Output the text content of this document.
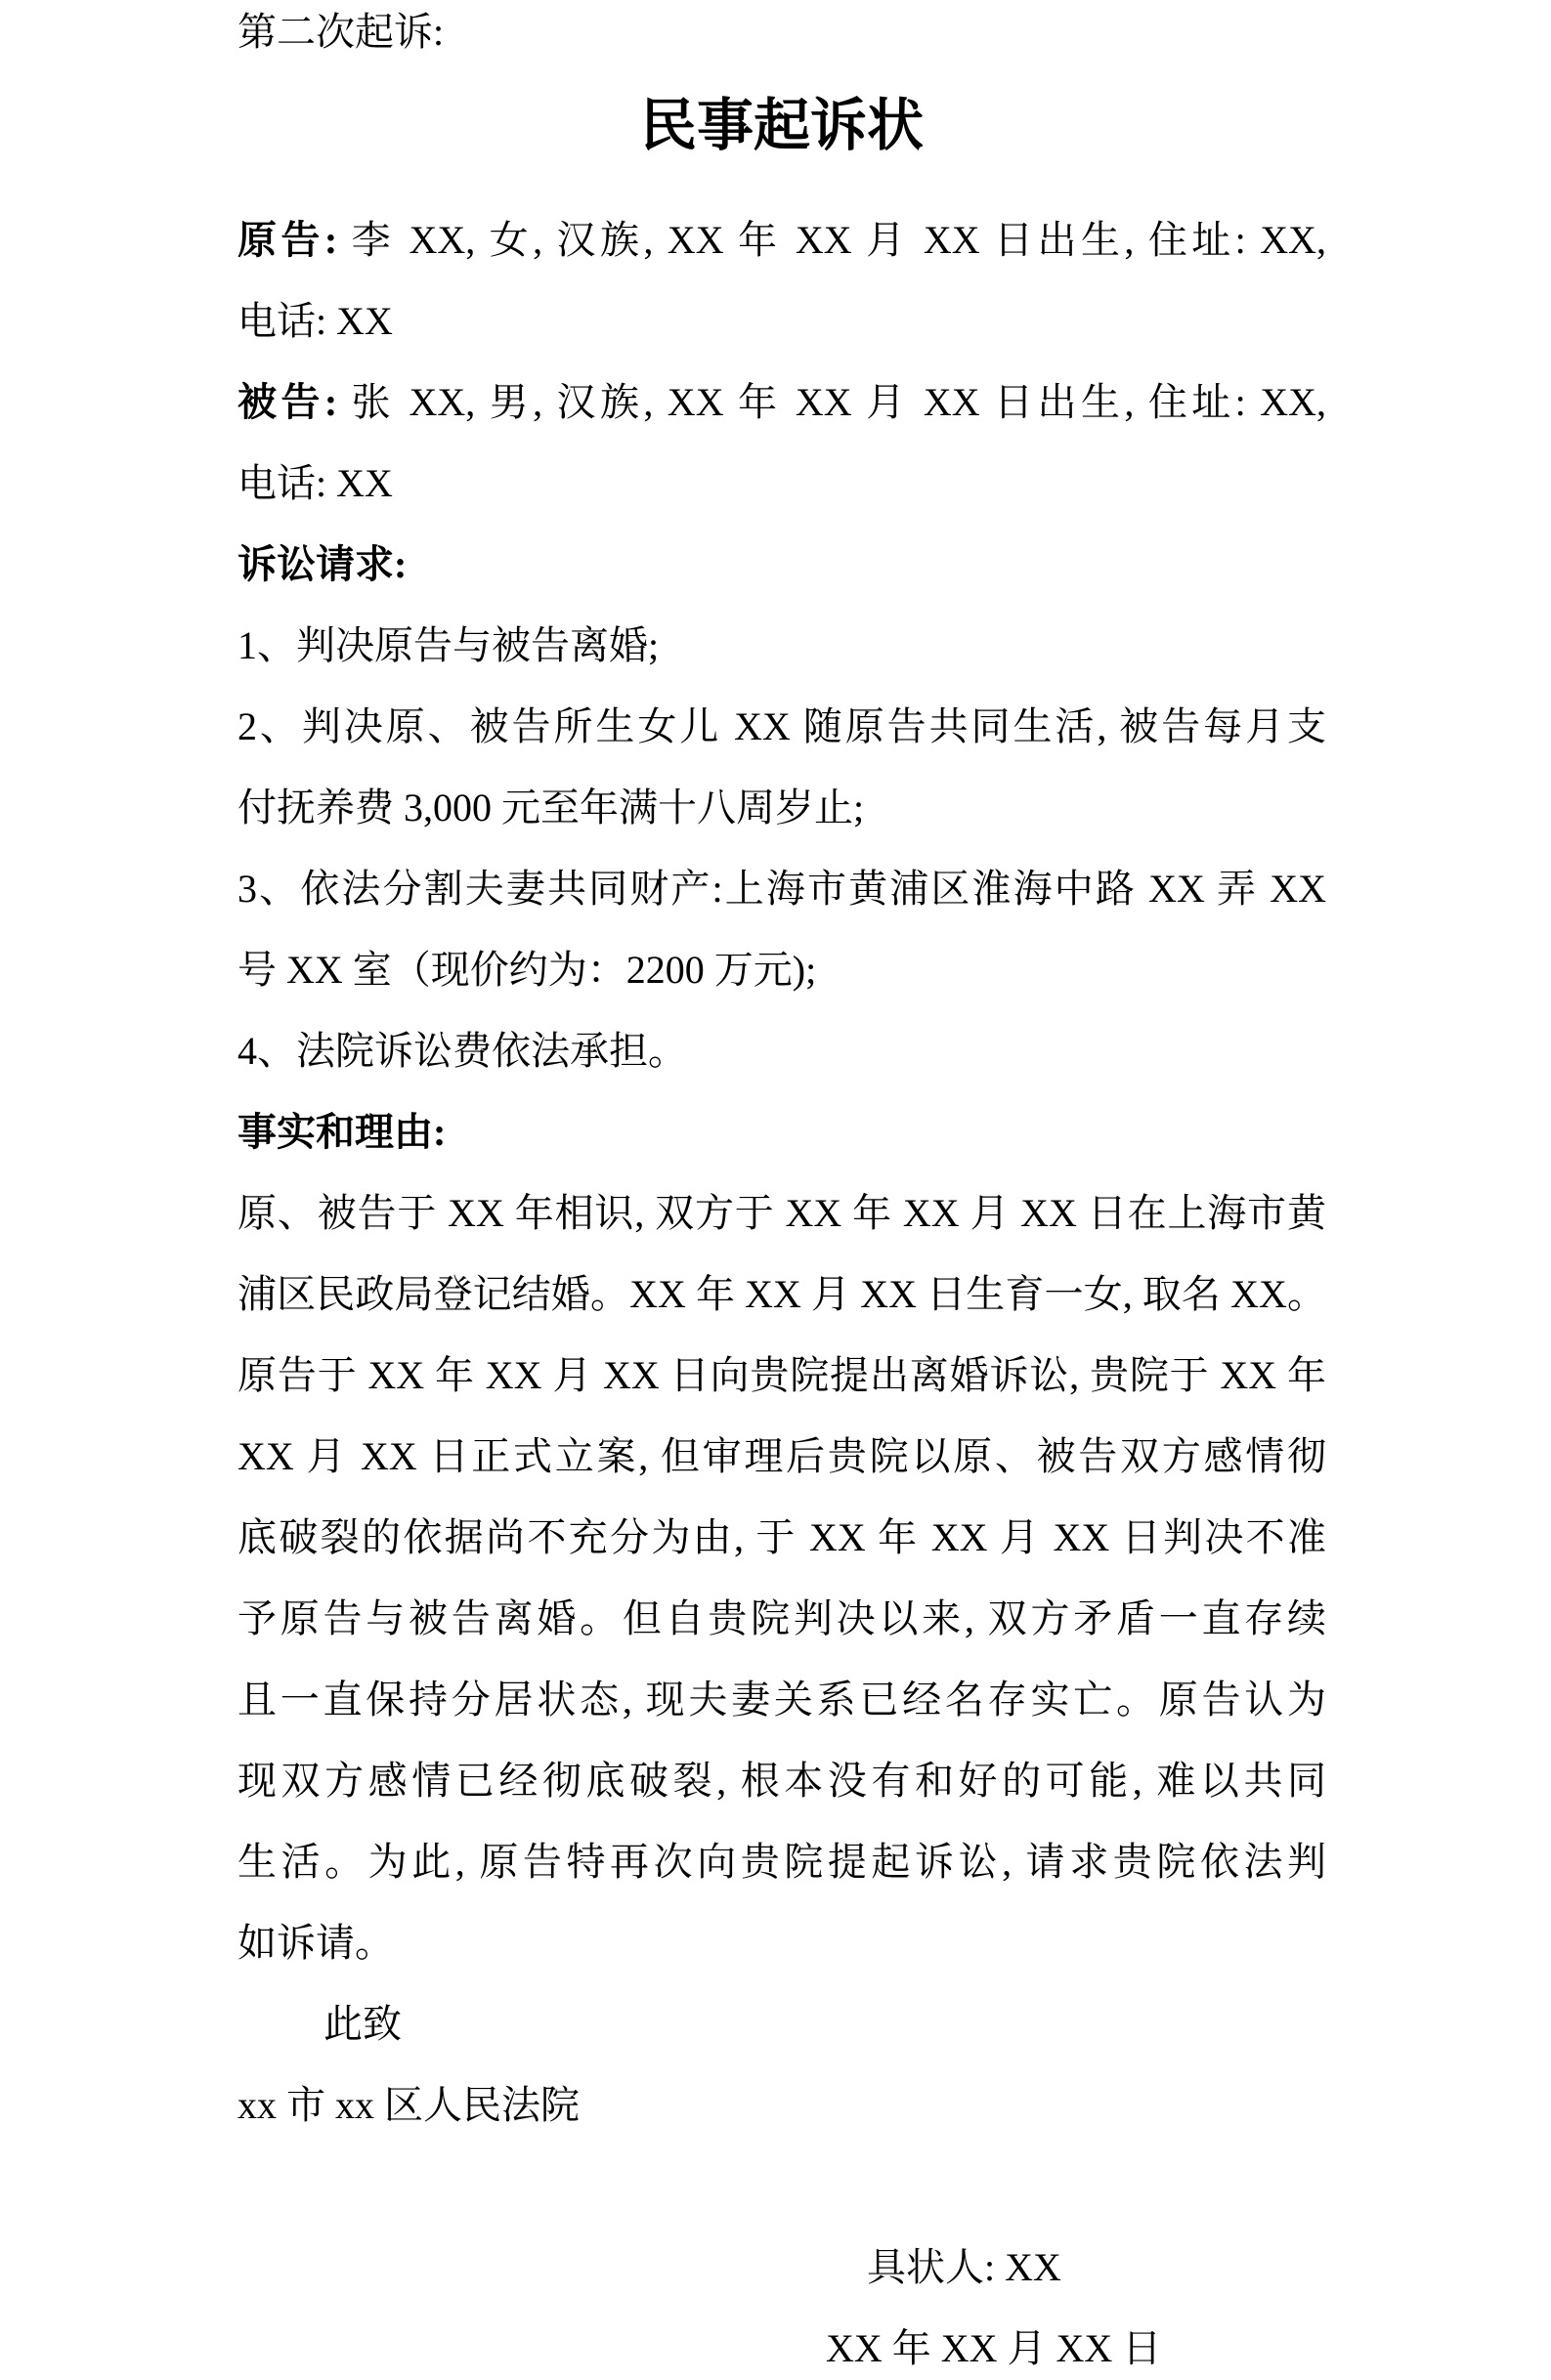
第二次起诉:
民事起诉状
原告: 李 XX, 女, 汉族, XX 年 XX 月 XX 日出生, 住址: XX,
电话: XX
被告: 张 XX, 男, 汉族, XX 年 XX 月 XX 日出生, 住址: XX,
电话: XX
诉讼请求:
1、判决原告与被告离婚;
2、判决原、被告所生女儿 XX 随原告共同生活, 被告每月支
付抚养费 3,000 元至年满十八周岁止;
3、依法分割夫妻共同财产:上海市黄浦区淮海中路 XX 弄 XX
号 XX 室（现价约为：2200 万元);
4、法院诉讼费依法承担。
事实和理由:
原、被告于 XX 年相识, 双方于 XX 年 XX 月 XX 日在上海市黄
浦区民政局登记结婚。XX 年 XX 月 XX 日生育一女, 取名 XX。
原告于 XX 年 XX 月 XX 日向贵院提出离婚诉讼, 贵院于 XX 年
XX 月 XX 日正式立案, 但审理后贵院以原、被告双方感情彻
底破裂的依据尚不充分为由, 于 XX 年 XX 月 XX 日判决不准
予原告与被告离婚。但自贵院判决以来, 双方矛盾一直存续
且一直保持分居状态, 现夫妻关系已经名存实亡。原告认为
现双方感情已经彻底破裂, 根本没有和好的可能, 难以共同
生活。为此, 原告特再次向贵院提起诉讼, 请求贵院依法判
如诉请。
此致
xx 市 xx 区人民法院
具状人: XX
XX 年 XX 月 XX 日
